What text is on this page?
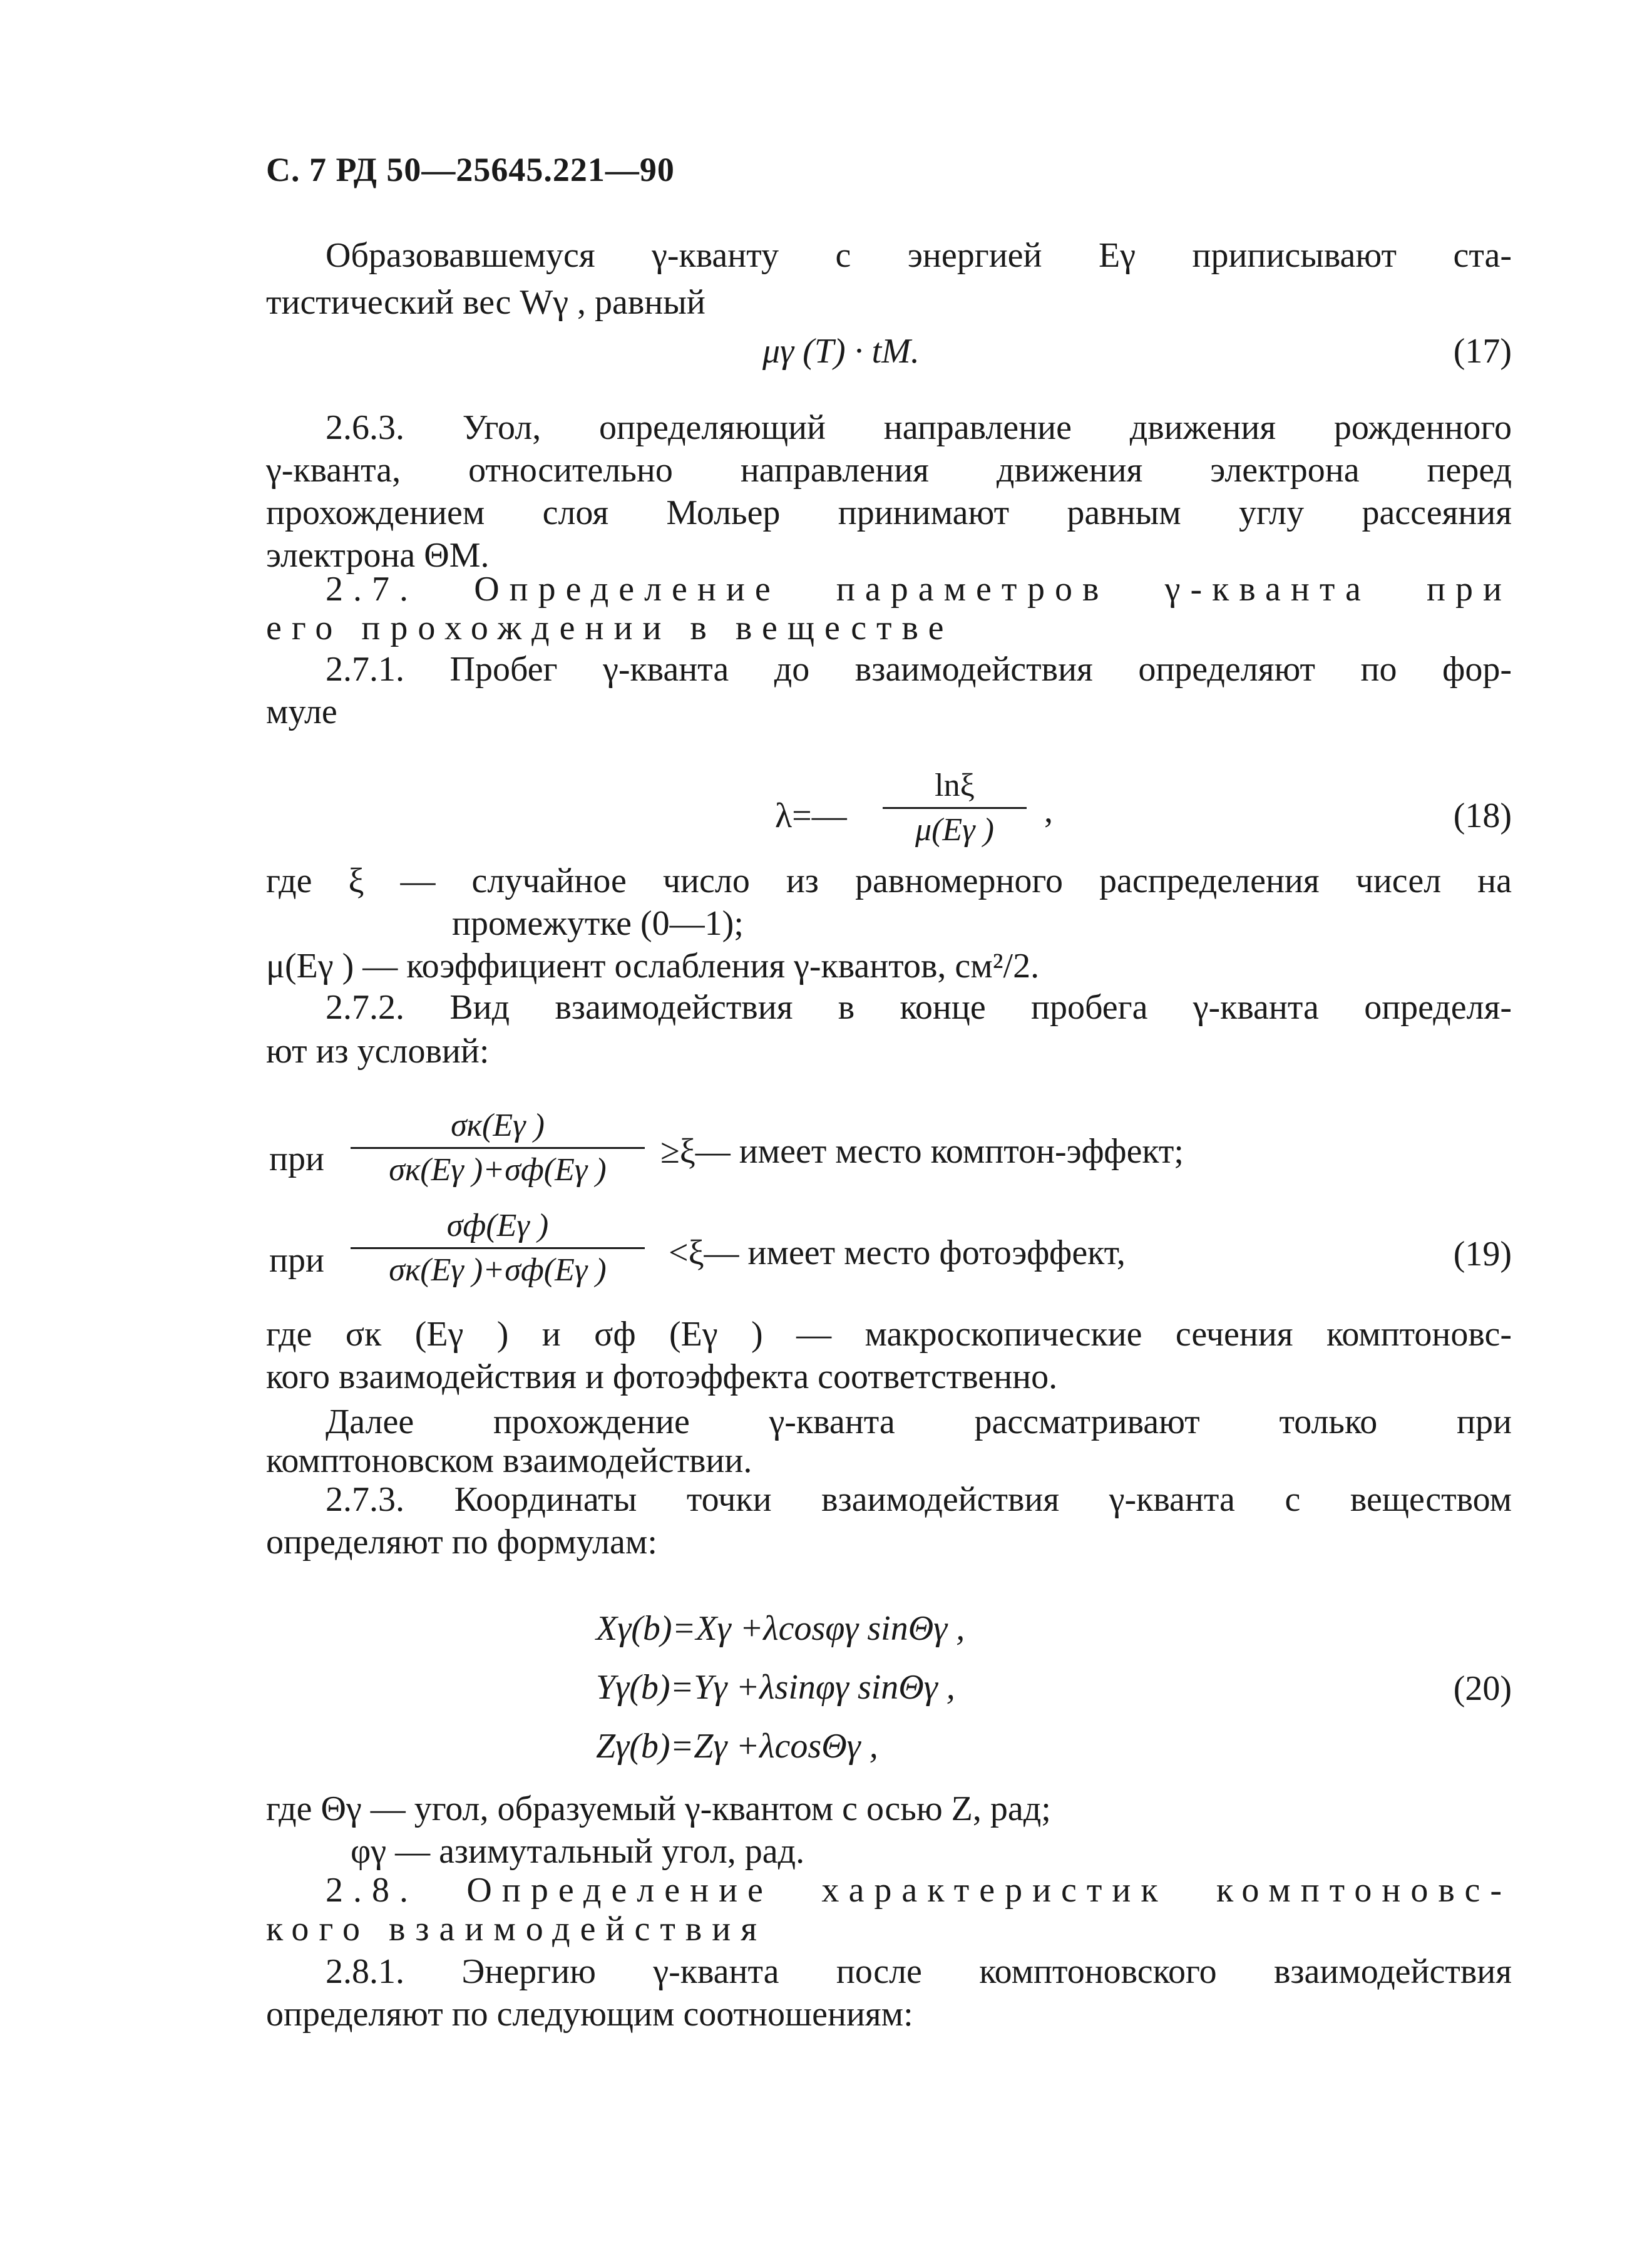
С. 7 РД 50—25645.221—90
Образовавшемуся γ-кванту с энергией Eγ приписывают ста-
тистический вес Wγ , равный
μγ (T) · tМ.	(17)
2.6.3. Угол, определяющий направление движения рожденного
γ-кванта, относительно направления движения электрона перед
прохождением слоя Мольер принимают равным углу рассеяния
электрона ΘМ.
2.7. Определение параметров γ-кванта при
его прохождении в веществе
2.7.1. Пробег γ-кванта до взаимодействия определяют по фор-
муле
λ=—
lnξ
μ(Eγ )	,	(18)
где ξ — случайное число из равномерного распределения чисел на
промежутке (0—1);
μ(Eγ ) — коэффициент ослабления γ-квантов, см²/2.
2.7.2. Вид взаимодействия в конце пробега γ-кванта определя-
ют из условий:
при
σк(Eγ )
σк(Eγ )+σф(Eγ )	≥ξ— имеет место комптон-эффект;
при
σф(Eγ )
σк(Eγ )+σф(Eγ )	<ξ— имеет место фотоэффект,	(19)
где σк (Eγ ) и σф (Eγ ) — макроскопические сечения комптоновс-
кого взаимодействия и фотоэффекта соответственно.
Далее прохождение γ-кванта рассматривают только при
комптоновском взаимодействии.
2.7.3. Координаты точки взаимодействия γ-кванта с веществом
определяют по формулам:
Xγ(b)=Xγ +λcosφγ sinΘγ ,
Yγ(b)=Yγ +λsinφγ sinΘγ ,
Zγ(b)=Zγ +λcosΘγ ,
(20)
где Θγ — угол, образуемый γ-квантом с осью Z, рад;
φγ — азимутальный угол, рад.
2.8. Определение характеристик комптоновс-
кого взаимодействия
2.8.1. Энергию γ-кванта после комптоновского взаимодействия
определяют по следующим соотношениям:
